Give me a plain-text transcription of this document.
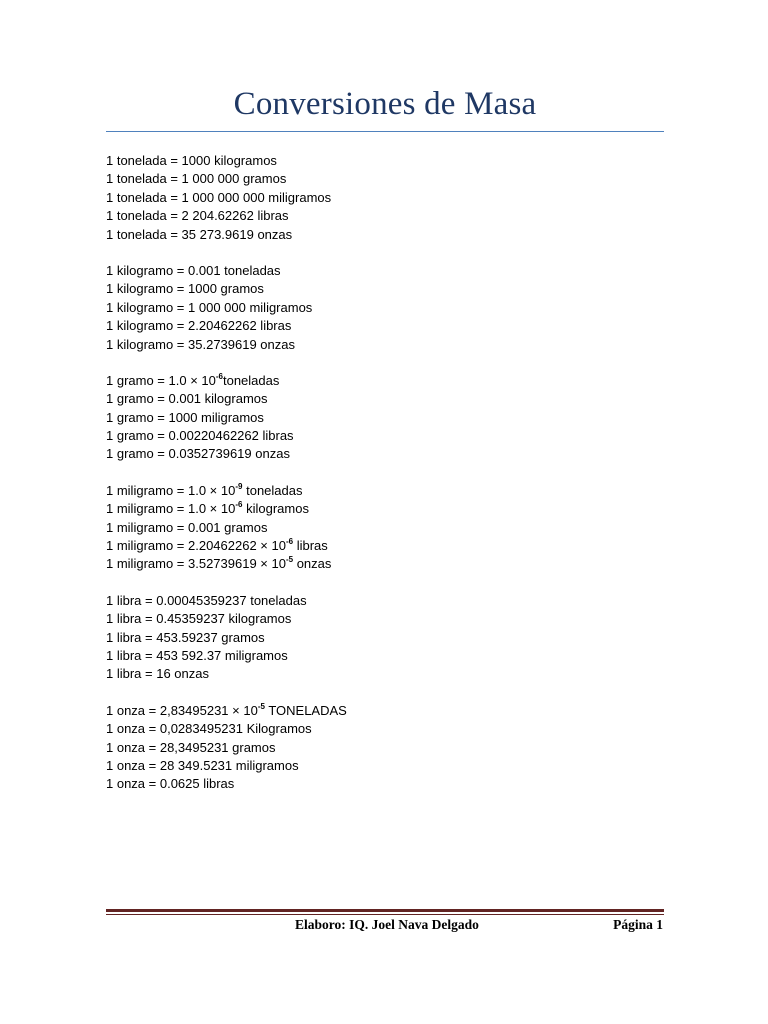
Conversiones de Masa
1 tonelada = 1000 kilogramos
1 tonelada = 1 000 000 gramos
1 tonelada = 1 000 000 000 miligramos
1 tonelada = 2 204.62262 libras
1 tonelada = 35 273.9619 onzas
1 kilogramo = 0.001 toneladas
1 kilogramo = 1000 gramos
1 kilogramo = 1 000 000 miligramos
1 kilogramo = 2.20462262 libras
1 kilogramo = 35.2739619 onzas
1 gramo = $1.0 \times 10^{-6}toneladas$
1 gramo = 0.001 kilogramos
1 gramo = 1000 miligramos
1 gramo = 0.00220462262 libras
1 gramo = 0.0352739619 onzas
1 miligramo = $1.0 \times 10^{-9}$ toneladas
1 miligramo = $1.0 \times 10^{-6}$ kilogramos
1 miligramo = 0.001 gramos
1 miligramo = $2.20462262 \times 10^{-6}$ libras
1 miligramo = $3.52739619 \times 10^{-5}$ onzas
1 libra = 0.00045359237 toneladas
1 libra = 0.45359237 kilogramos
1 libra = 453.59237 gramos
1 libra = 453 592.37 miligramos
1 libra = 16 onzas
1 onza = $2,83495231 \times 10^{-5}$ TONELADAS
1 onza = 0,0283495231 Kilogramos
1 onza = 28,3495231 gramos
1 onza = 28 349.5231 miligramos
1 onza = 0.0625 libras
Elaboro: IQ. Joel Nava Delgado	Página 1
